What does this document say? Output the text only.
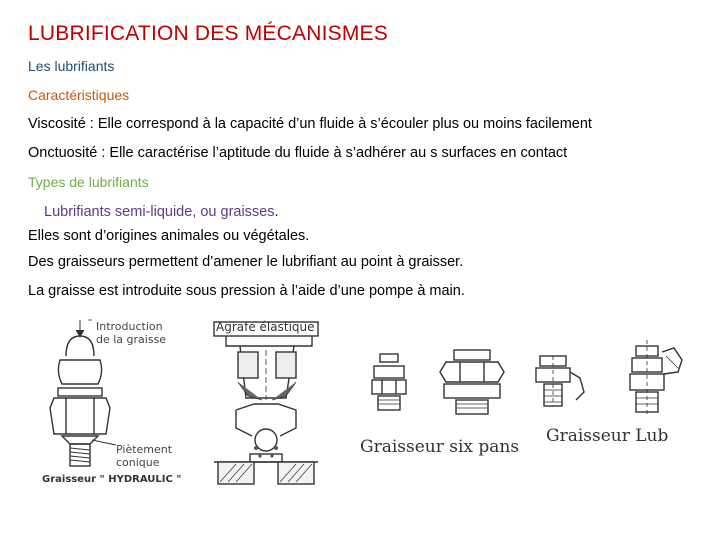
LUBRIFICATION DES MÉCANISMES
Les lubrifiants
Caractéristiques
Viscosité : Elle correspond à la capacité d’un fluide à s’écouler plus ou moins facilement
Onctuosité : Elle caractérise l’aptitude du fluide à s’adhérer au s surfaces en contact
Types de lubrifiants
Lubrifiants semi-liquide, ou graisses.
Elles sont d’origines animales ou végétales.
Des graisseurs permettent d’amener le lubrifiant au point à graisser.
La graisse est introduite sous pression à l’aide d’une pompe à main.
Introduction
de la graisse
Piètement
conique
Graisseur " HYDRAULIC "
Agrafe élastique
Graisseur six pans
Graisseur Lub
